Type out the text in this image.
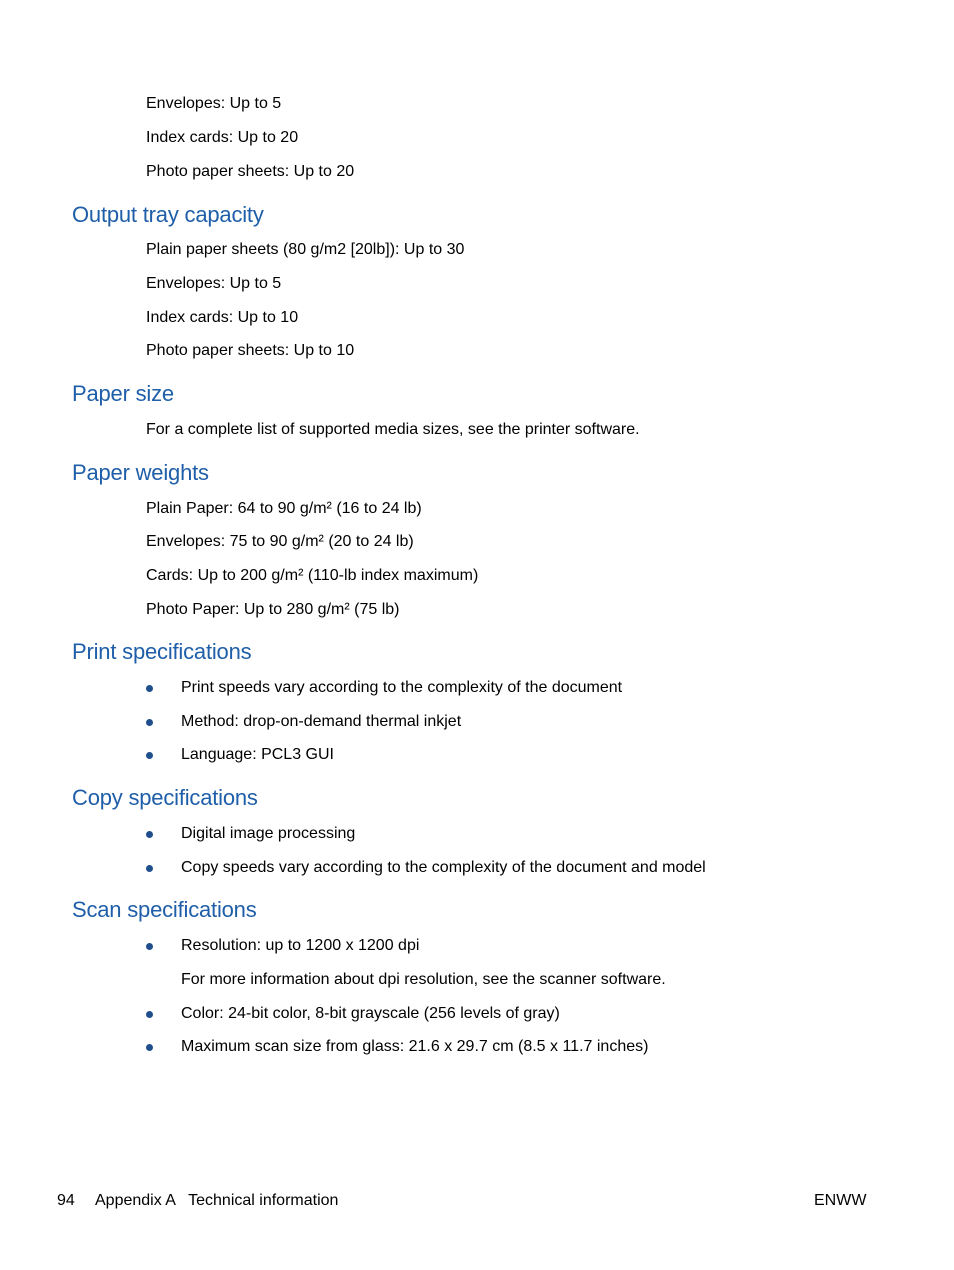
Envelopes: Up to 5
Index cards: Up to 20
Photo paper sheets: Up to 20
Output tray capacity
Plain paper sheets (80 g/m2 [20lb]): Up to 30
Envelopes: Up to 5
Index cards: Up to 10
Photo paper sheets: Up to 10
Paper size
For a complete list of supported media sizes, see the printer software.
Paper weights
Plain Paper: 64 to 90 g/m² (16 to 24 lb)
Envelopes: 75 to 90 g/m² (20 to 24 lb)
Cards: Up to 200 g/m² (110-lb index maximum)
Photo Paper: Up to 280 g/m² (75 lb)
Print specifications
Print speeds vary according to the complexity of the document
Method: drop-on-demand thermal inkjet
Language: PCL3 GUI
Copy specifications
Digital image processing
Copy speeds vary according to the complexity of the document and model
Scan specifications
Resolution: up to 1200 x 1200 dpi
For more information about dpi resolution, see the scanner software.
Color: 24-bit color, 8-bit grayscale (256 levels of gray)
Maximum scan size from glass: 21.6 x 29.7 cm (8.5 x 11.7 inches)
94 Appendix A   Technical information	ENWW
